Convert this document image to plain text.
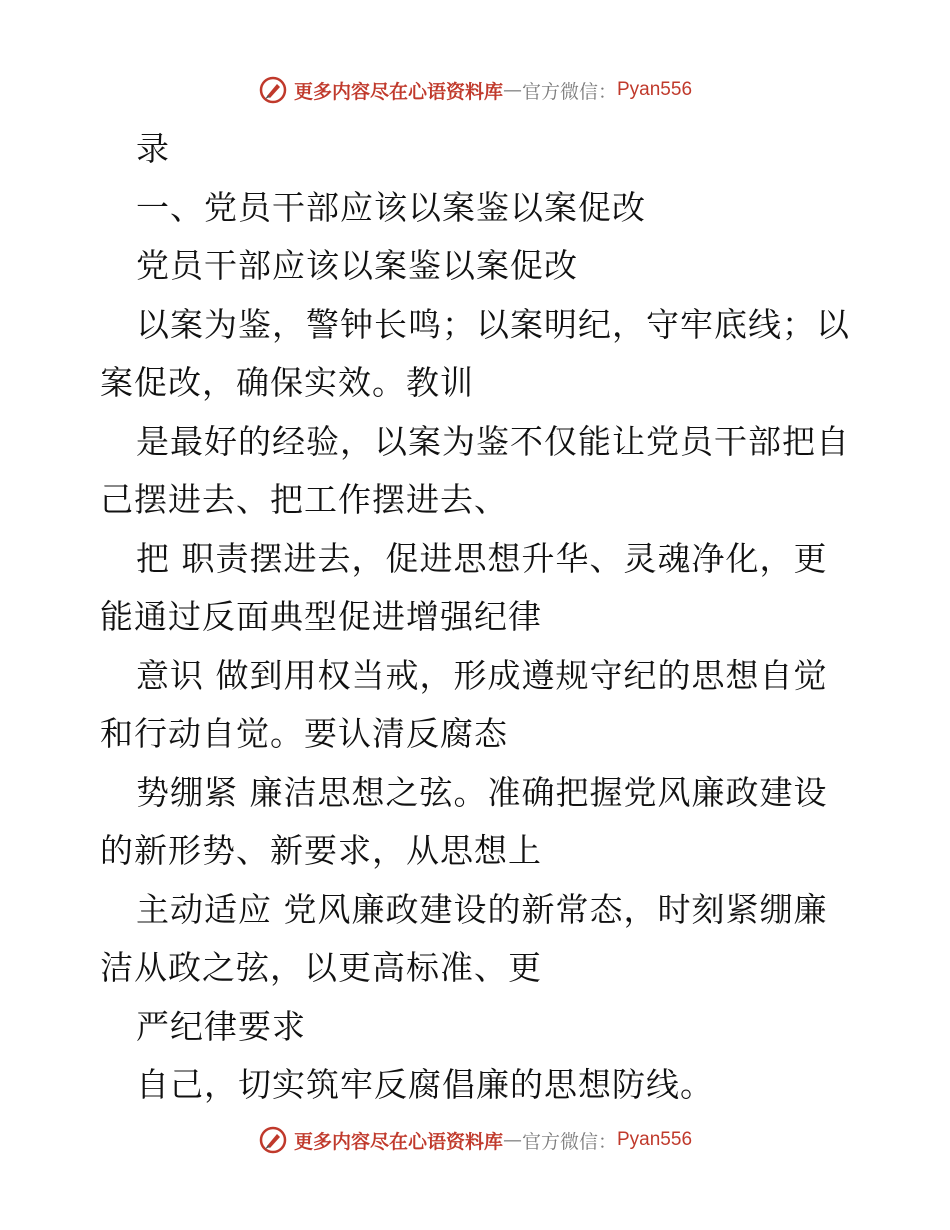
更多内容尽在心语资料库 — 官方微信： Pyan556
录
一、党员干部应该以案鉴以案促改
党员干部应该以案鉴以案促改
以案为鉴，警钟长鸣；以案明纪，守牢底线；以
案促改，确保实效。教训
是最好的经验，以案为鉴不仅能让党员干部把自
己摆进去、把工作摆进去、
把 职责摆进去，促进思想升华、灵魂净化，更
能通过反面典型促进增强纪律
意识 做到用权当戒，形成遵规守纪的思想自觉
和行动自觉。要认清反腐态
势绷紧 廉洁思想之弦。准确把握党风廉政建设
的新形势、新要求，从思想上
主动适应 党风廉政建设的新常态，时刻紧绷廉
洁从政之弦，以更高标准、更
严纪律要求
自己，切实筑牢反腐倡廉的思想防线。
更多内容尽在心语资料库 — 官方微信： Pyan556
